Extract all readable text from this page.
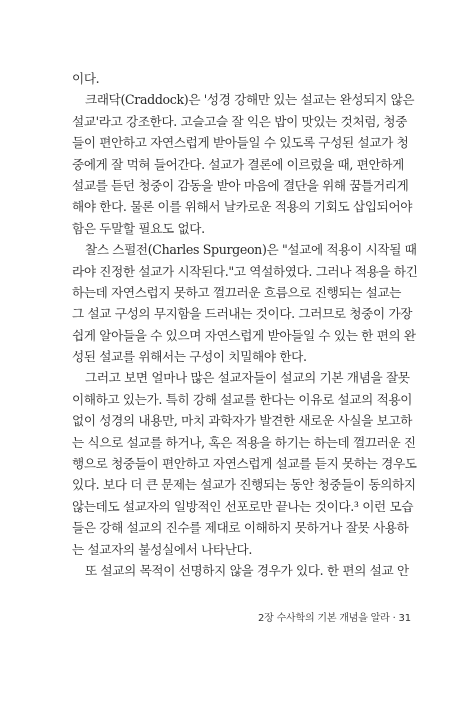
이다.
크래닥(Craddock)은 '성경 강해만 있는 설교는 완성되지 않은
설교'라고 강조한다. 고슬고슬 잘 익은 밥이 맛있는 것처럼, 청중
들이 편안하고 자연스럽게 받아들일 수 있도록 구성된 설교가 청
중에게 잘 먹혀 들어간다. 설교가 결론에 이르렀을 때, 편안하게
설교를 듣던 청중이 감동을 받아 마음에 결단을 위해 꿈틀거리게
해야 한다. 물론 이를 위해서 날카로운 적용의 기회도 삽입되어야
함은 두말할 필요도 없다.
찰스 스펄전(Charles Spurgeon)은 "설교에 적용이 시작될 때
라야 진정한 설교가 시작된다."고 역설하였다. 그러나 적용을 하긴
하는데 자연스럽지 못하고 껄끄러운 흐름으로 진행되는 설교는
그 설교 구성의 무지함을 드러내는 것이다. 그러므로 청중이 가장
쉽게 알아들을 수 있으며 자연스럽게 받아들일 수 있는 한 편의 완
성된 설교를 위해서는 구성이 치밀해야 한다.
그러고 보면 얼마나 많은 설교자들이 설교의 기본 개념을 잘못
이해하고 있는가. 특히 강해 설교를 한다는 이유로 설교의 적용이
없이 성경의 내용만, 마치 과학자가 발견한 새로운 사실을 보고하
는 식으로 설교를 하거나, 혹은 적용을 하기는 하는데 껄끄러운 진
행으로 청중들이 편안하고 자연스럽게 설교를 듣지 못하는 경우도
있다. 보다 더 큰 문제는 설교가 진행되는 동안 청중들이 동의하지
않는데도 설교자의 일방적인 선포로만 끝나는 것이다.³ 이런 모습
들은 강해 설교의 진수를 제대로 이해하지 못하거나 잘못 사용하
는 설교자의 불성실에서 나타난다.
또 설교의 목적이 선명하지 않을 경우가 있다. 한 편의 설교 안
2장 수사학의 기본 개념을 알라 · 31
